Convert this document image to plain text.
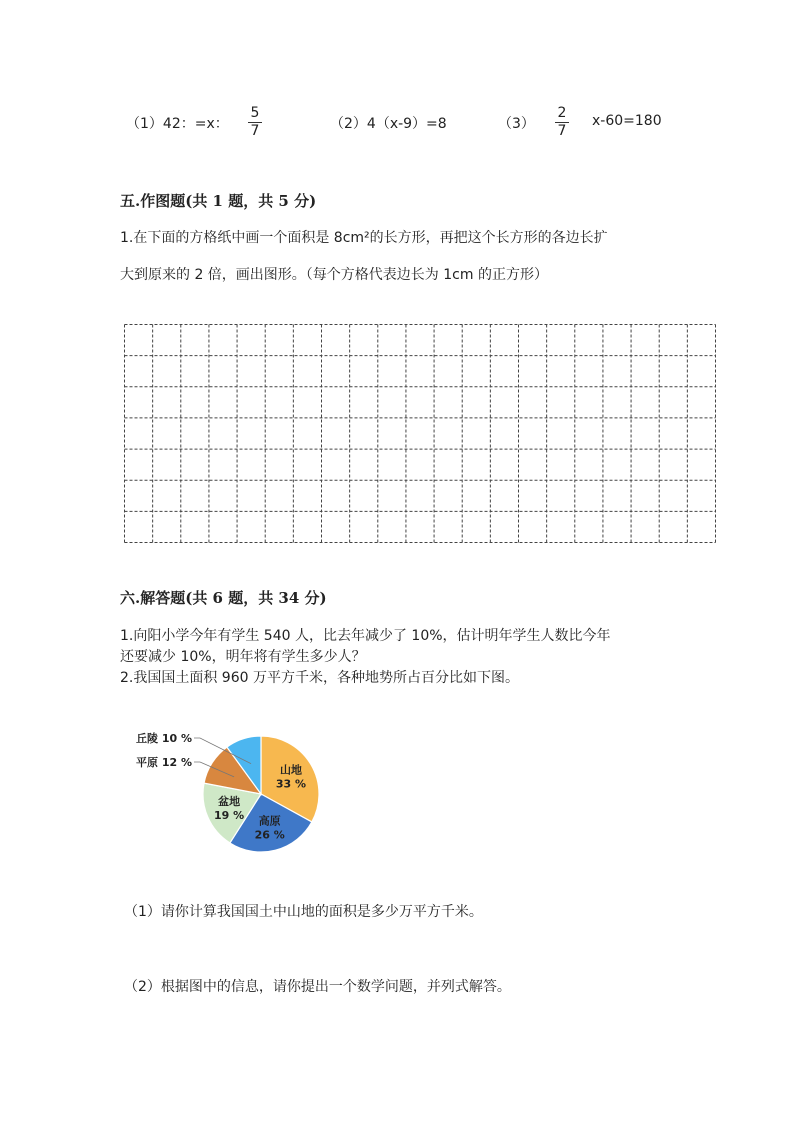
（1）42：=x：
5
7	（2）4（x-9）=8	（3）
2
7
x-60=180
五.作图题(共 1 题，共 5 分)
1.在下面的方格纸中画一个面积是 8cm²的长方形，再把这个长方形的各边长扩
大到原来的 2 倍，画出图形。（每个方格代表边长为 1cm 的正方形）
六.解答题(共 6 题，共 34 分)
1.向阳小学今年有学生 540 人，比去年减少了 10%，估计明年学生人数比今年
还要减少 10%，明年将有学生多少人？
2.我国国土面积 960 万平方千米，各种地势所占百分比如下图。
山地
33 %
高原
26 %
盆地
19 %
平原 12 %
丘陵 10 %
（1）请你计算我国国土中山地的面积是多少万平方千米。
（2）根据图中的信息，请你提出一个数学问题，并列式解答。
